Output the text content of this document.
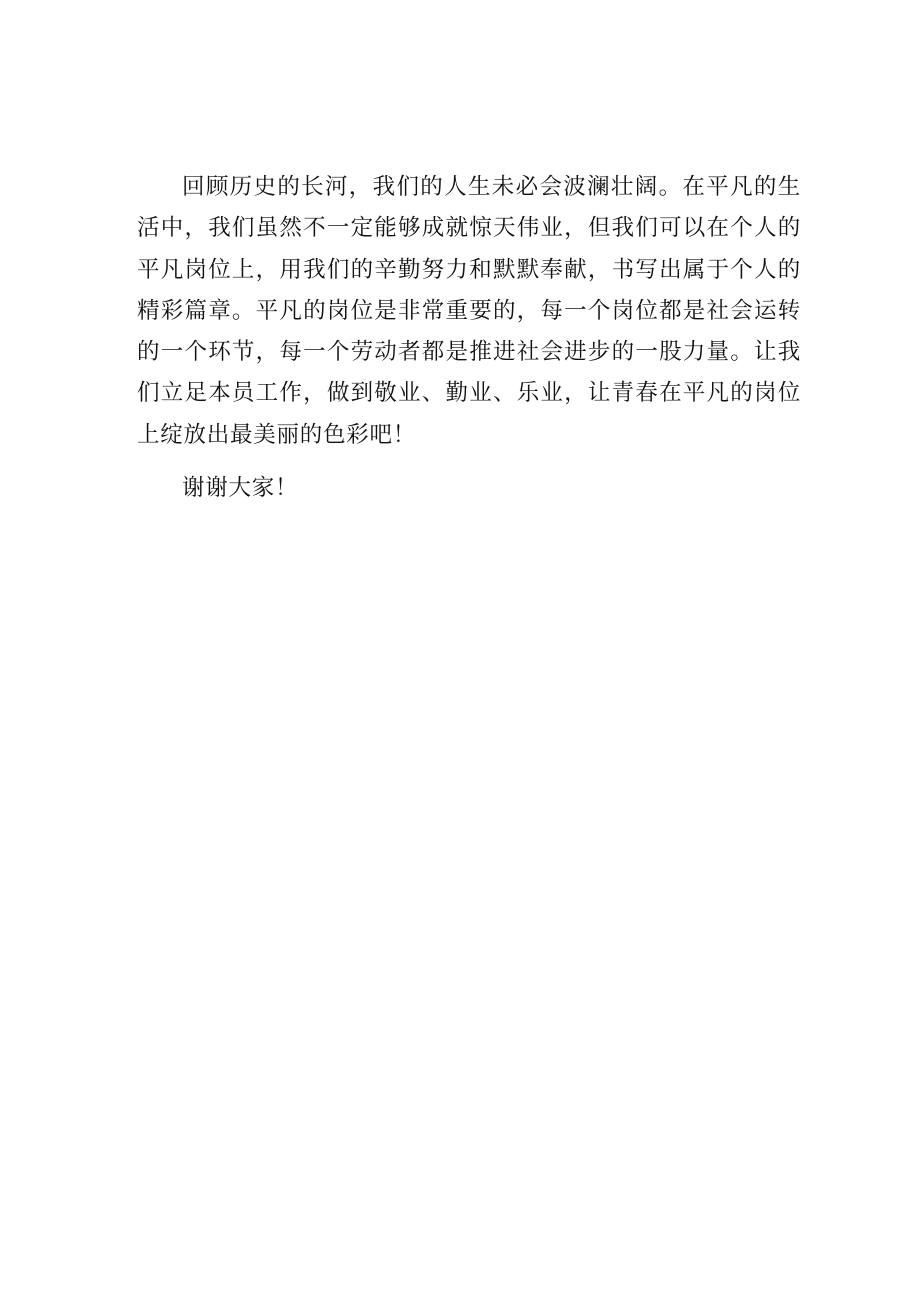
回顾历史的长河，我们的人生未必会波澜壮阔。在平凡的生活中，我们虽然不一定能够成就惊天伟业，但我们可以在个人的平凡岗位上，用我们的辛勤努力和默默奉献，书写出属于个人的精彩篇章。平凡的岗位是非常重要的，每一个岗位都是社会运转的一个环节，每一个劳动者都是推进社会进步的一股力量。让我们立足本员工作，做到敬业、勤业、乐业，让青春在平凡的岗位上绽放出最美丽的色彩吧！

谢谢大家！
